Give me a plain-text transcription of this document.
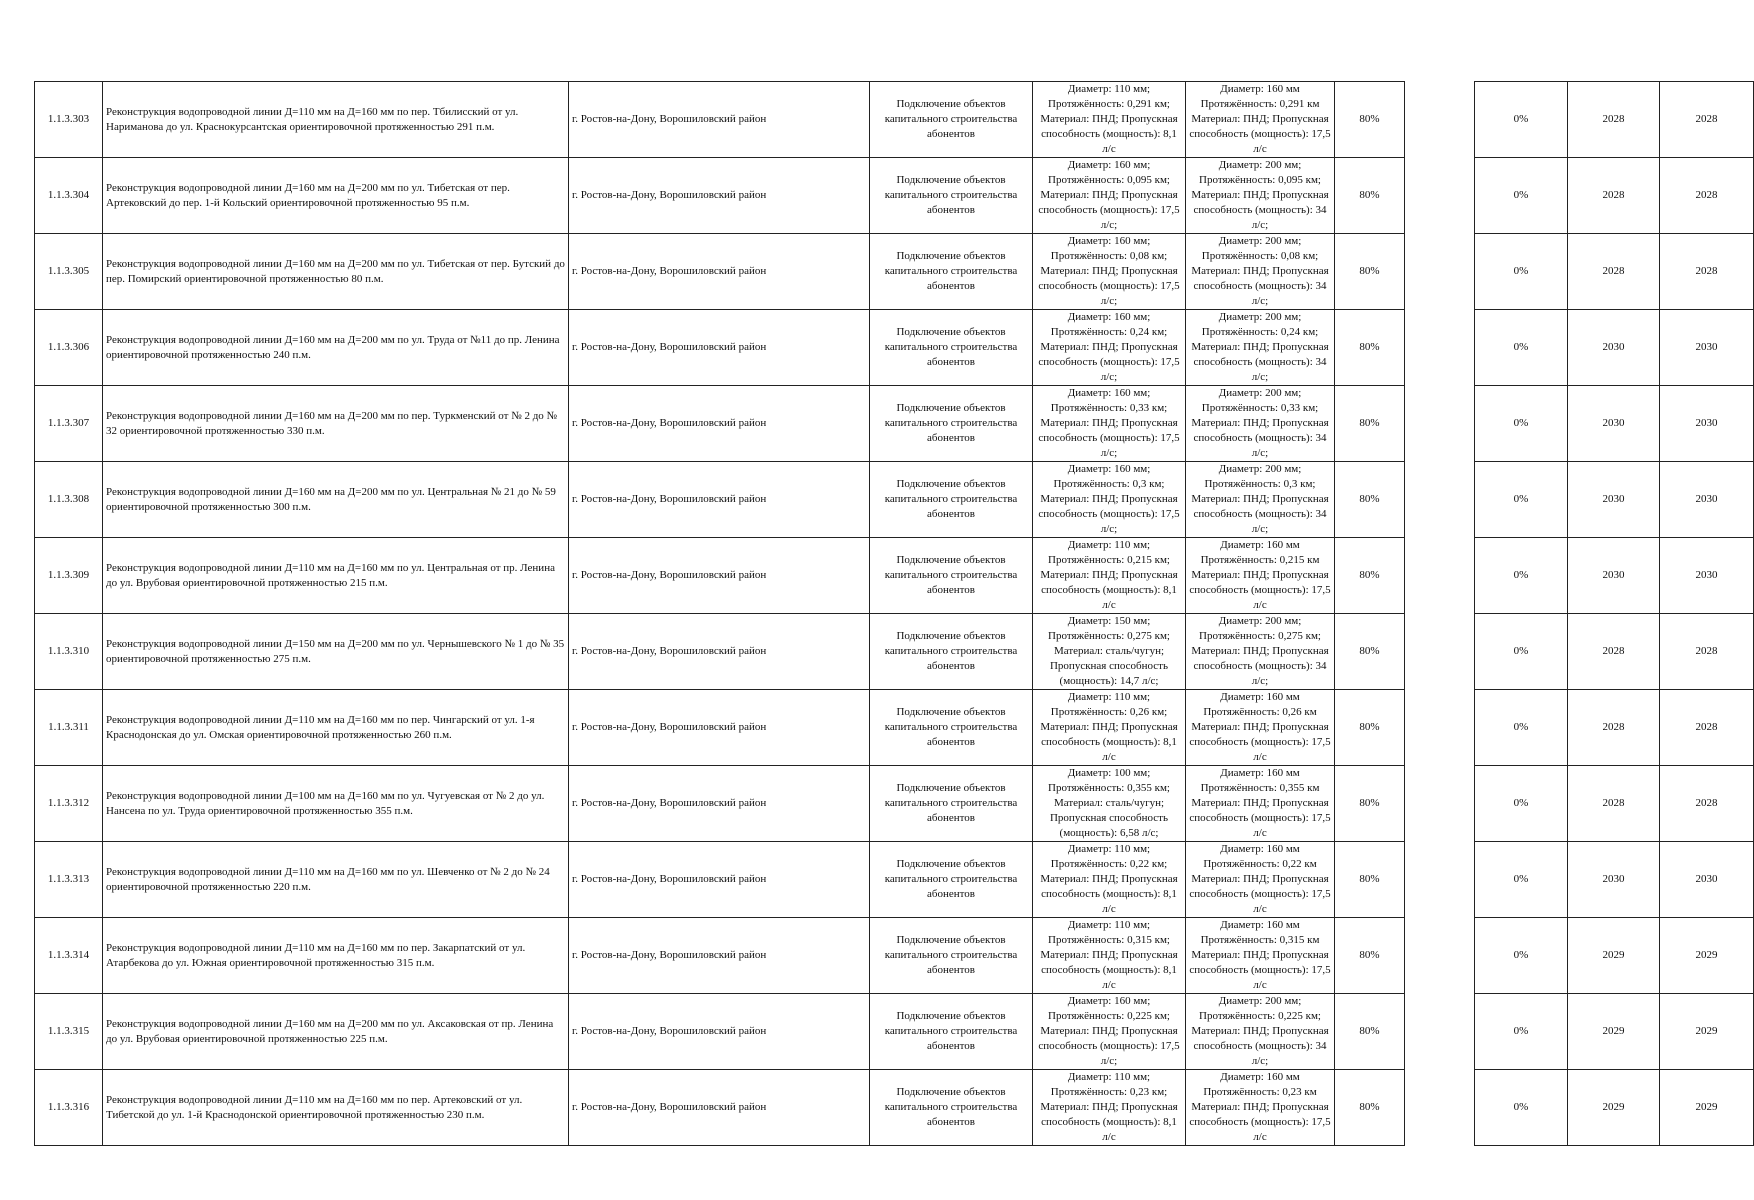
1.1.3.303	Реконструкция водопроводной линии Д=110 мм на Д=160 мм по пер. Тбилисский от ул. Нариманова до ул. Краснокурсантская ориентировочной протяженностью 291 п.м.	г. Ростов-на-Дону, Ворошиловский район	Подключение объектов капитального строительства абонентов	Диаметр: 110 мм; Протяжённость: 0,291 км; Материал: ПНД; Пропускная способность (мощность): 8,1 л/с	Диаметр: 160 мм Протяжённость: 0,291 км Материал: ПНД; Пропускная способность (мощность): 17,5 л/с	80%		0%	2028	2028
1.1.3.304	Реконструкция водопроводной линии Д=160 мм на Д=200 мм по ул. Тибетская от пер. Артековский до пер. 1-й Кольский ориентировочной протяженностью 95 п.м.	г. Ростов-на-Дону, Ворошиловский район	Подключение объектов капитального строительства абонентов	Диаметр: 160 мм; Протяжённость: 0,095 км; Материал: ПНД; Пропускная способность (мощность): 17,5 л/с;	Диаметр: 200 мм; Протяжённость: 0,095 км; Материал: ПНД; Пропускная способность (мощность): 34 л/с;	80%		0%	2028	2028
1.1.3.305	Реконструкция водопроводной линии Д=160 мм на Д=200 мм по ул. Тибетская от пер. Бутский до пер. Помирский ориентировочной протяженностью 80 п.м.	г. Ростов-на-Дону, Ворошиловский район	Подключение объектов капитального строительства абонентов	Диаметр: 160 мм; Протяжённость: 0,08 км; Материал: ПНД; Пропускная способность (мощность): 17,5 л/с;	Диаметр: 200 мм; Протяжённость: 0,08 км; Материал: ПНД; Пропускная способность (мощность): 34 л/с;	80%		0%	2028	2028
1.1.3.306	Реконструкция водопроводной линии Д=160 мм на Д=200 мм по ул. Труда от №11 до пр. Ленина ориентировочной протяженностью 240 п.м.	г. Ростов-на-Дону, Ворошиловский район	Подключение объектов капитального строительства абонентов	Диаметр: 160 мм; Протяжённость: 0,24 км; Материал: ПНД; Пропускная способность (мощность): 17,5 л/с;	Диаметр: 200 мм; Протяжённость: 0,24 км; Материал: ПНД; Пропускная способность (мощность): 34 л/с;	80%		0%	2030	2030
1.1.3.307	Реконструкция водопроводной линии Д=160 мм на Д=200 мм по пер. Туркменский от № 2 до № 32 ориентировочной протяженностью 330 п.м.	г. Ростов-на-Дону, Ворошиловский район	Подключение объектов капитального строительства абонентов	Диаметр: 160 мм; Протяжённость: 0,33 км; Материал: ПНД; Пропускная способность (мощность): 17,5 л/с;	Диаметр: 200 мм; Протяжённость: 0,33 км; Материал: ПНД; Пропускная способность (мощность): 34 л/с;	80%		0%	2030	2030
1.1.3.308	Реконструкция водопроводной линии Д=160 мм на Д=200 мм по ул. Центральная № 21 до № 59 ориентировочной протяженностью 300 п.м.	г. Ростов-на-Дону, Ворошиловский район	Подключение объектов капитального строительства абонентов	Диаметр: 160 мм; Протяжённость: 0,3 км; Материал: ПНД; Пропускная способность (мощность): 17,5 л/с;	Диаметр: 200 мм; Протяжённость: 0,3 км; Материал: ПНД; Пропускная способность (мощность): 34 л/с;	80%		0%	2030	2030
1.1.3.309	Реконструкция водопроводной линии Д=110 мм на Д=160 мм по ул. Центральная от пр. Ленина до ул. Врубовая ориентировочной протяженностью 215 п.м.	г. Ростов-на-Дону, Ворошиловский район	Подключение объектов капитального строительства абонентов	Диаметр: 110 мм; Протяжённость: 0,215 км; Материал: ПНД; Пропускная способность (мощность): 8,1 л/с	Диаметр: 160 мм Протяжённость: 0,215 км Материал: ПНД; Пропускная способность (мощность): 17,5 л/с	80%		0%	2030	2030
1.1.3.310	Реконструкция водопроводной линии Д=150 мм на Д=200 мм по ул. Чернышевского № 1 до № 35 ориентировочной протяженностью 275 п.м.	г. Ростов-на-Дону, Ворошиловский район	Подключение объектов капитального строительства абонентов	Диаметр: 150 мм; Протяжённость: 0,275 км; Материал: сталь/чугун; Пропускная способность (мощность): 14,7 л/с;	Диаметр: 200 мм; Протяжённость: 0,275 км; Материал: ПНД; Пропускная способность (мощность): 34 л/с;	80%		0%	2028	2028
1.1.3.311	Реконструкция водопроводной линии Д=110 мм на Д=160 мм по пер. Чингарский от ул. 1-я Краснодонская до ул. Омская ориентировочной протяженностью 260 п.м.	г. Ростов-на-Дону, Ворошиловский район	Подключение объектов капитального строительства абонентов	Диаметр: 110 мм; Протяжённость: 0,26 км; Материал: ПНД; Пропускная способность (мощность): 8,1 л/с	Диаметр: 160 мм Протяжённость: 0,26 км Материал: ПНД; Пропускная способность (мощность): 17,5 л/с	80%		0%	2028	2028
1.1.3.312	Реконструкция водопроводной линии Д=100 мм на Д=160 мм по ул. Чугуевская от № 2 до ул. Нансена по ул. Труда ориентировочной протяженностью 355 п.м.	г. Ростов-на-Дону, Ворошиловский район	Подключение объектов капитального строительства абонентов	Диаметр: 100 мм; Протяжённость: 0,355 км; Материал: сталь/чугун; Пропускная способность (мощность): 6,58 л/с;	Диаметр: 160 мм Протяжённость: 0,355 км Материал: ПНД; Пропускная способность (мощность): 17,5 л/с	80%		0%	2028	2028
1.1.3.313	Реконструкция водопроводной линии Д=110 мм на Д=160 мм по ул. Шевченко от № 2 до № 24 ориентировочной протяженностью 220 п.м.	г. Ростов-на-Дону, Ворошиловский район	Подключение объектов капитального строительства абонентов	Диаметр: 110 мм; Протяжённость: 0,22 км; Материал: ПНД; Пропускная способность (мощность): 8,1 л/с	Диаметр: 160 мм Протяжённость: 0,22 км Материал: ПНД; Пропускная способность (мощность): 17,5 л/с	80%		0%	2030	2030
1.1.3.314	Реконструкция водопроводной линии Д=110 мм на Д=160 мм по пер. Закарпатский от ул. Атарбекова до ул. Южная ориентировочной протяженностью 315 п.м.	г. Ростов-на-Дону, Ворошиловский район	Подключение объектов капитального строительства абонентов	Диаметр: 110 мм; Протяжённость: 0,315 км; Материал: ПНД; Пропускная способность (мощность): 8,1 л/с	Диаметр: 160 мм Протяжённость: 0,315 км Материал: ПНД; Пропускная способность (мощность): 17,5 л/с	80%		0%	2029	2029
1.1.3.315	Реконструкция водопроводной линии Д=160 мм на Д=200 мм по ул. Аксаковская от пр. Ленина до ул. Врубовая ориентировочной протяженностью 225 п.м.	г. Ростов-на-Дону, Ворошиловский район	Подключение объектов капитального строительства абонентов	Диаметр: 160 мм; Протяжённость: 0,225 км; Материал: ПНД; Пропускная способность (мощность): 17,5 л/с;	Диаметр: 200 мм; Протяжённость: 0,225 км; Материал: ПНД; Пропускная способность (мощность): 34 л/с;	80%		0%	2029	2029
1.1.3.316	Реконструкция водопроводной линии Д=110 мм на Д=160 мм по пер. Артековский от ул. Тибетской до ул. 1-й Краснодонской ориентировочной протяженностью 230 п.м.	г. Ростов-на-Дону, Ворошиловский район	Подключение объектов капитального строительства абонентов	Диаметр: 110 мм; Протяжённость: 0,23 км; Материал: ПНД; Пропускная способность (мощность): 8,1 л/с	Диаметр: 160 мм Протяжённость: 0,23 км Материал: ПНД; Пропускная способность (мощность): 17,5 л/с	80%		0%	2029	2029
